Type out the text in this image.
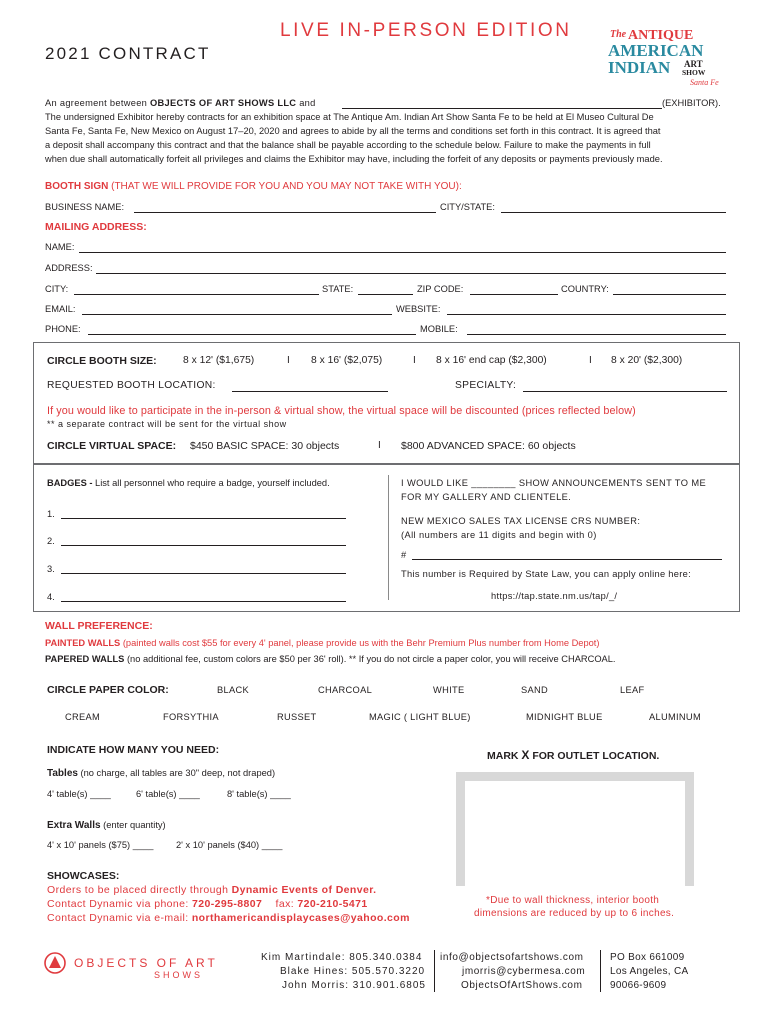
LIVE IN-PERSON EDITION
2021 CONTRACT
The ANTIQUE
AMERICAN
INDIAN ART
SHOW
Santa Fe
An agreement between OBJECTS OF ART SHOWS LLC and	(EXHIBITOR).
The undersigned Exhibitor hereby contracts for an exhibition space at The Antique Am. Indian Art Show Santa Fe to be held at El Museo Cultural De
Santa Fe, Santa Fe, New Mexico on August 17–20, 2020 and agrees to abide by all the terms and conditions set forth in this contract. It is agreed that
a deposit shall accompany this contract and that the balance shall be payable according to the schedule below. Failure to make the payments in full
when due shall automatically forfeit all privileges and claims the Exhibitor may have, including the forfeit of any deposits or payments previously made.
BOOTH SIGN (THAT WE WILL PROVIDE FOR YOU AND YOU MAY NOT TAKE WITH YOU):
BUSINESS NAME:	CITY/STATE:
MAILING ADDRESS:
NAME:
ADDRESS:
CITY:	STATE:	ZIP CODE:	COUNTRY:
EMAIL:	WEBSITE:
PHONE:	MOBILE:
CIRCLE BOOTH SIZE:	8 x 12' ($1,675)	I 8 x 16' ($2,075)	I 8 x 16' end cap ($2,300)	I 8 x 20' ($2,300)
REQUESTED BOOTH LOCATION:	SPECIALTY:
If you would like to participate in the in-person & virtual show, the virtual space will be discounted (prices reflected below)
** a separate contract will be sent for the virtual show
CIRCLE VIRTUAL SPACE: $450 BASIC SPACE: 30 objects	I $800 ADVANCED SPACE: 60 objects
BADGES - List all personnel who require a badge, yourself included.
1.
2.
3.
4.
I WOULD LIKE ________ SHOW ANNOUNCEMENTS SENT TO ME
FOR MY GALLERY AND CLIENTELE.
NEW MEXICO SALES TAX LICENSE CRS NUMBER:
(All numbers are 11 digits and begin with 0)
#
This number is Required by State Law, you can apply online here:
https://tap.state.nm.us/tap/_/
WALL PREFERENCE:
PAINTED WALLS (painted walls cost $55 for every 4' panel, please provide us with the Behr Premium Plus number from Home Depot)
PAPERED WALLS (no additional fee, custom colors are $50 per 36' roll). ** If you do not circle a paper color, you will receive CHARCOAL.
CIRCLE PAPER COLOR:	BLACK	CHARCOAL	WHITE	SAND	LEAF
CREAM	FORSYTHIA	RUSSET	MAGIC ( LIGHT BLUE)	MIDNIGHT BLUE	ALUMINUM
INDICATE HOW MANY YOU NEED:
Tables (no charge, all tables are 30" deep, not draped)
4' table(s) ____	6' table(s) ____	8' table(s) ____
Extra Walls (enter quantity)
4' x 10' panels ($75) ____ 2' x 10' panels ($40) ____
MARK X FOR OUTLET LOCATION.
*Due to wall thickness, interior booth
dimensions are reduced by up to 6 inches.
SHOWCASES:
Orders to be placed directly through Dynamic Events of Denver.
Contact Dynamic via phone: 720-295-8807    fax: 720-210-5471
Contact Dynamic via e-mail: northamericandisplaycases@yahoo.com
OBJECTS OF ART
SHOWS
Kim Martindale: 805.340.0384
Blake Hines: 505.570.3220
John Morris: 310.901.6805
info@objectsofartshows.com
jmorris@cybermesa.com
ObjectsOfArtShows.com
PO Box 661009
Los Angeles, CA
90066-9609
